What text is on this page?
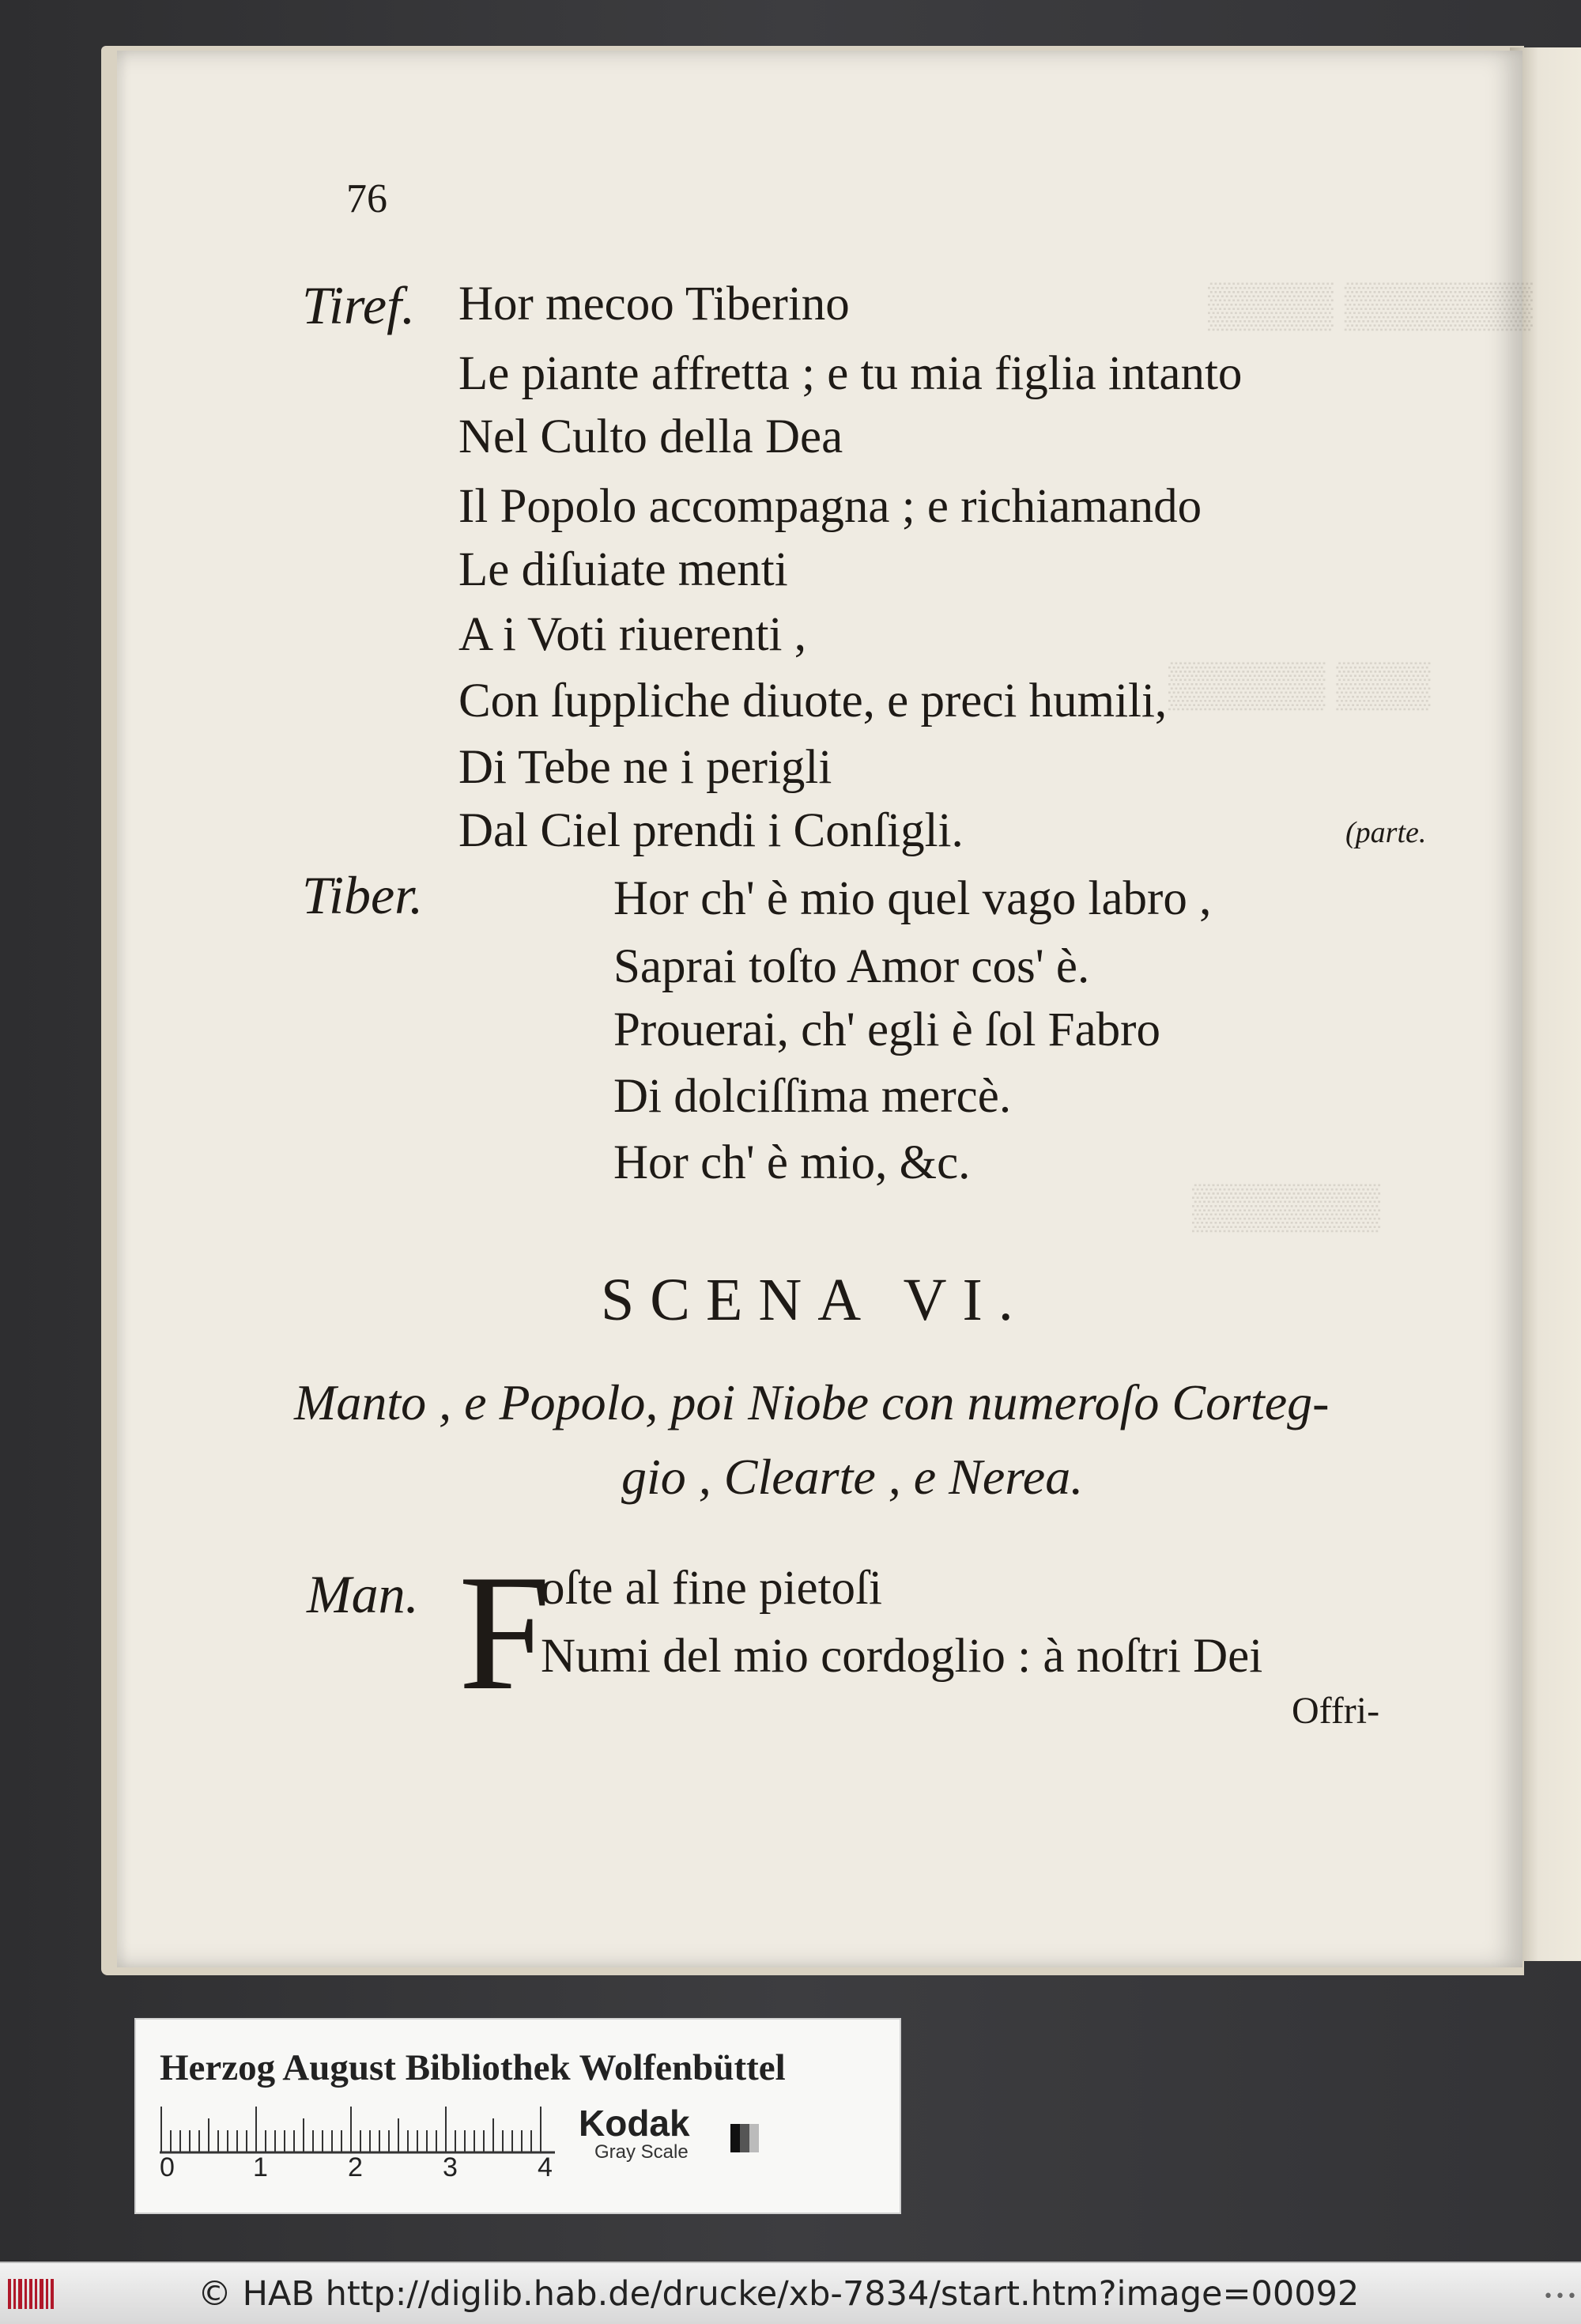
▒▒▒▒ ▒▒▒▒▒▒
▒▒▒▒▒ ▒▒▒
▒▒▒▒▒▒
76
Tiref. Hor mecoo Tiberino
Le piante affretta ; e tu mia figlia intanto
Nel Culto della Dea
Il Popolo accompagna ; e richiamando
Le diſuiate menti
A i Voti riuerenti ,
Con ſuppliche diuote, e preci humili,
Di Tebe ne i perigli
Dal Ciel prendi i Conſigli.	(parte.
Tiber.	Hor ch' è mio quel vago labro ,
Saprai toſto Amor cos' è.
Prouerai, ch' egli è ſol Fabro
Di dolciſſima mercè.
Hor ch' è mio, &c.
SCENA VI.
Manto , e Popolo, poi Niobe con numeroſo Corteg-
gio , Clearte , e Nerea.
Man. F
oſte al fine pietoſi
Numi del mio cordoglio : à noſtri Dei
Offri-
Herzog August Bibliothek Wolfenbüttel
0	1	2	3	4
Kodak
Gray Scale
© HAB http://diglib.hab.de/drucke/xb-7834/start.htm?image=00092	•••
